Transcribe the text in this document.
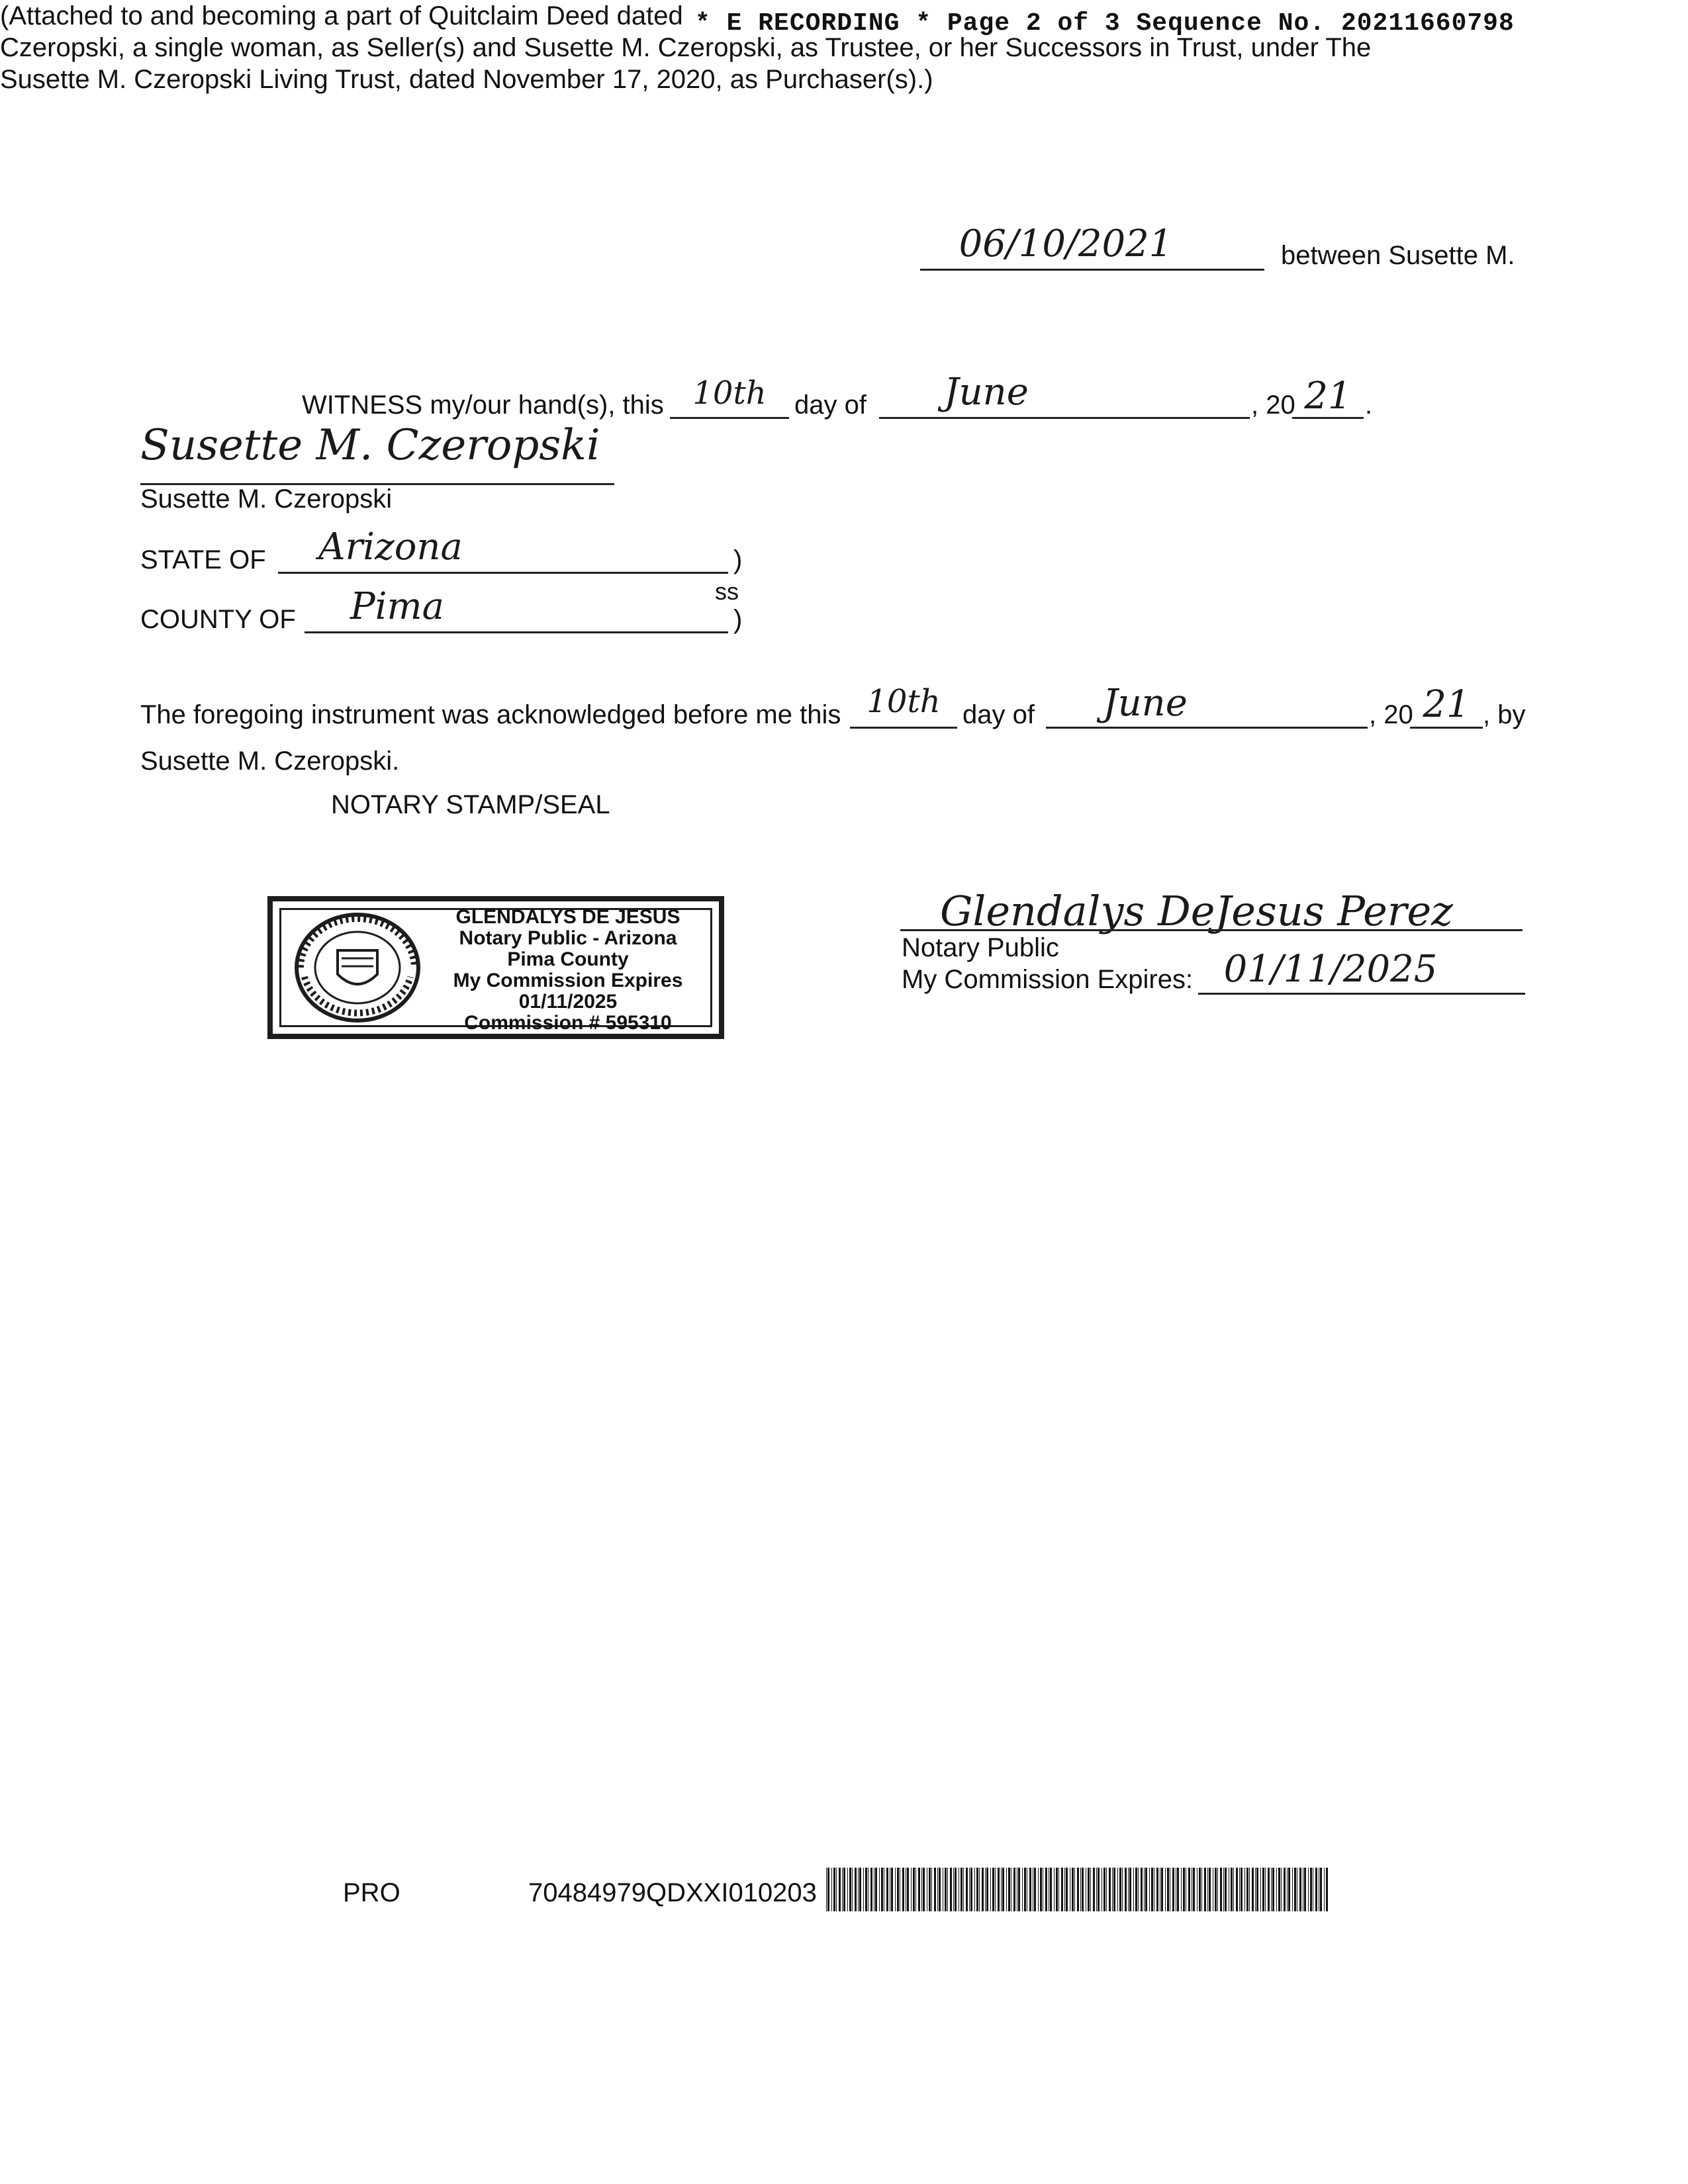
* E RECORDING * Page 2 of 3 Sequence No. 20211660798

(Attached to and becoming a part of Quitclaim Deed dated

Czeropski, a single woman, as Seller(s) and Susette M. Czeropski, as Trustee, or her Successors in Trust, under The

Susette M. Czeropski Living Trust, dated November 17, 2020, as Purchaser(s).)

06/10/2021	between Susette M.
WITNESS my/our hand(s), this 10th	day of	June	, 20 21 .
Susette M. Czeropski
Susette M. Czeropski
STATE OF	Arizona	)
ss
COUNTY OF	Pima	)
The foregoing instrument was acknowledged before me this 10th day of	June	, 20 21 , by
Susette M. Czeropski.
NOTARY STAMP/SEAL
GLENDALYS DE JESUS
Notary Public - Arizona
Pima County
My Commission Expires
01/11/2025
Commission # 595310
Glendalys DeJesus Perez
Notary Public
My Commission Expires: 01/11/2025
PRO	70484979QDXXI010203
